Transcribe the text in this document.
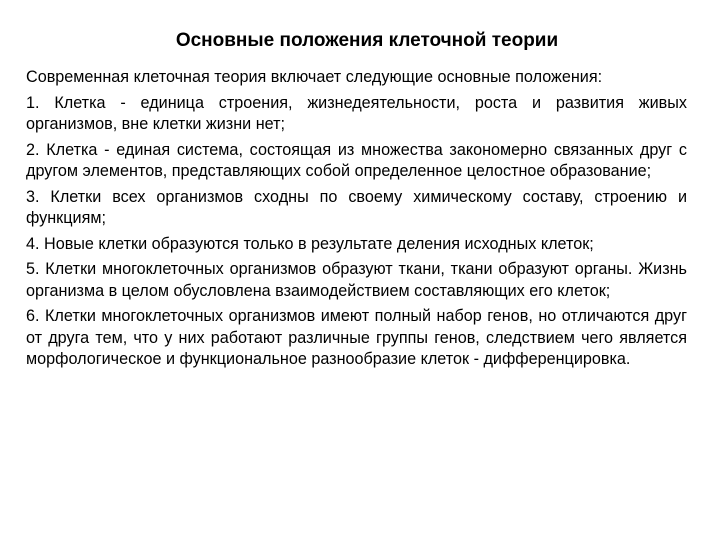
Основные положения клеточной теории

Современная клеточная теория включает следующие основные положения:

1. Клетка - единица строения, жизнедеятельности, роста и развития живых организмов, вне клетки жизни нет;

2. Клетка - единая система, состоящая из множества закономерно связанных друг с другом элементов, представляющих собой определенное целостное образование;

3. Клетки всех организмов сходны по своему химическому составу, строению и функциям;

4. Новые клетки образуются только в результате деления исходных клеток;

5. Клетки многоклеточных организмов образуют ткани, ткани образуют органы. Жизнь организма в целом обусловлена взаимодействием составляющих его клеток;

6. Клетки многоклеточных организмов имеют полный набор генов, но отличаются друг от друга тем, что у них работают различные группы генов, следствием чего является морфологическое и функциональное разнообразие клеток - дифференцировка.
